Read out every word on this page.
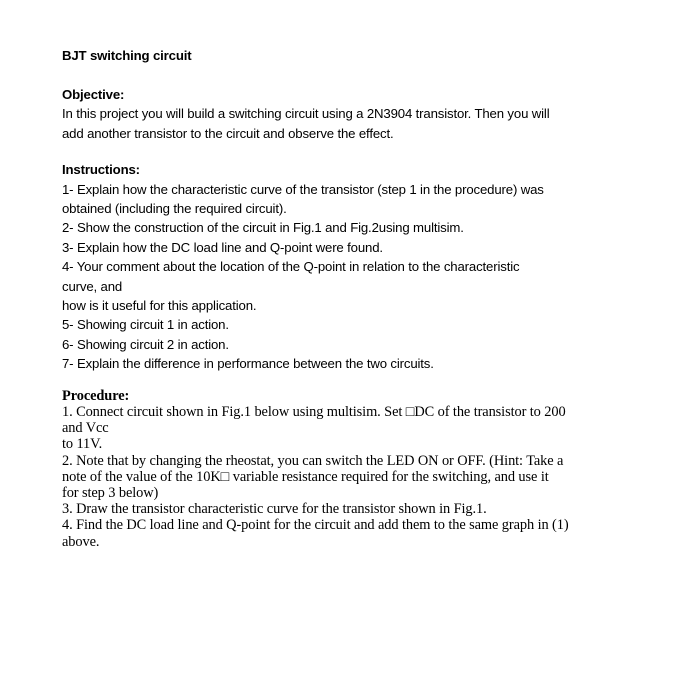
BJT switching circuit
Objective:
In this project you will build a switching circuit using a 2N3904 transistor. Then you will
add another transistor to the circuit and observe the effect.
Instructions:
1- Explain how the characteristic curve of the transistor (step 1 in the procedure) was
obtained (including the required circuit).
2- Show the construction of the circuit in Fig.1 and Fig.2using multisim.
3- Explain how the DC load line and Q-point were found.
4- Your comment about the location of the Q-point in relation to the characteristic
curve, and
how is it useful for this application.
5- Showing circuit 1 in action.
6- Showing circuit 2 in action.
7- Explain the difference in performance between the two circuits.
Procedure:
1. Connect circuit shown in Fig.1 below using multisim. Set □DC of the transistor to 200
and Vcc
to 11V.
2. Note that by changing the rheostat, you can switch the LED ON or OFF. (Hint: Take a
note of the value of the 10K□ variable resistance required for the switching, and use it
for step 3 below)
3. Draw the transistor characteristic curve for the transistor shown in Fig.1.
4. Find the DC load line and Q-point for the circuit and add them to the same graph in (1)
above.
